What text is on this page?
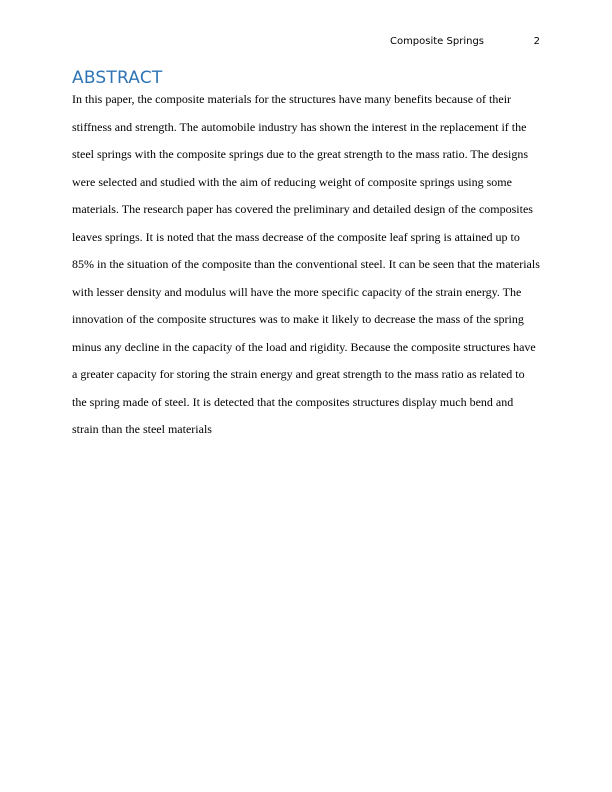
Composite Springs	2
ABSTRACT
In this paper, the composite materials for the structures have many benefits because of their
stiffness and strength. The automobile industry has shown the interest in the replacement if the
steel springs with the composite springs due to the great strength to the mass ratio. The designs
were selected and studied with the aim of reducing weight of composite springs using some
materials. The research paper has covered the preliminary and detailed design of the composites
leaves springs. It is noted that the mass decrease of the composite leaf spring is attained up to
85% in the situation of the composite than the conventional steel. It can be seen that the materials
with lesser density and modulus will have the more specific capacity of the strain energy. The
innovation of the composite structures was to make it likely to decrease the mass of the spring
minus any decline in the capacity of the load and rigidity. Because the composite structures have
a greater capacity for storing the strain energy and great strength to the mass ratio as related to
the spring made of steel. It is detected that the composites structures display much bend and
strain than the steel materials
